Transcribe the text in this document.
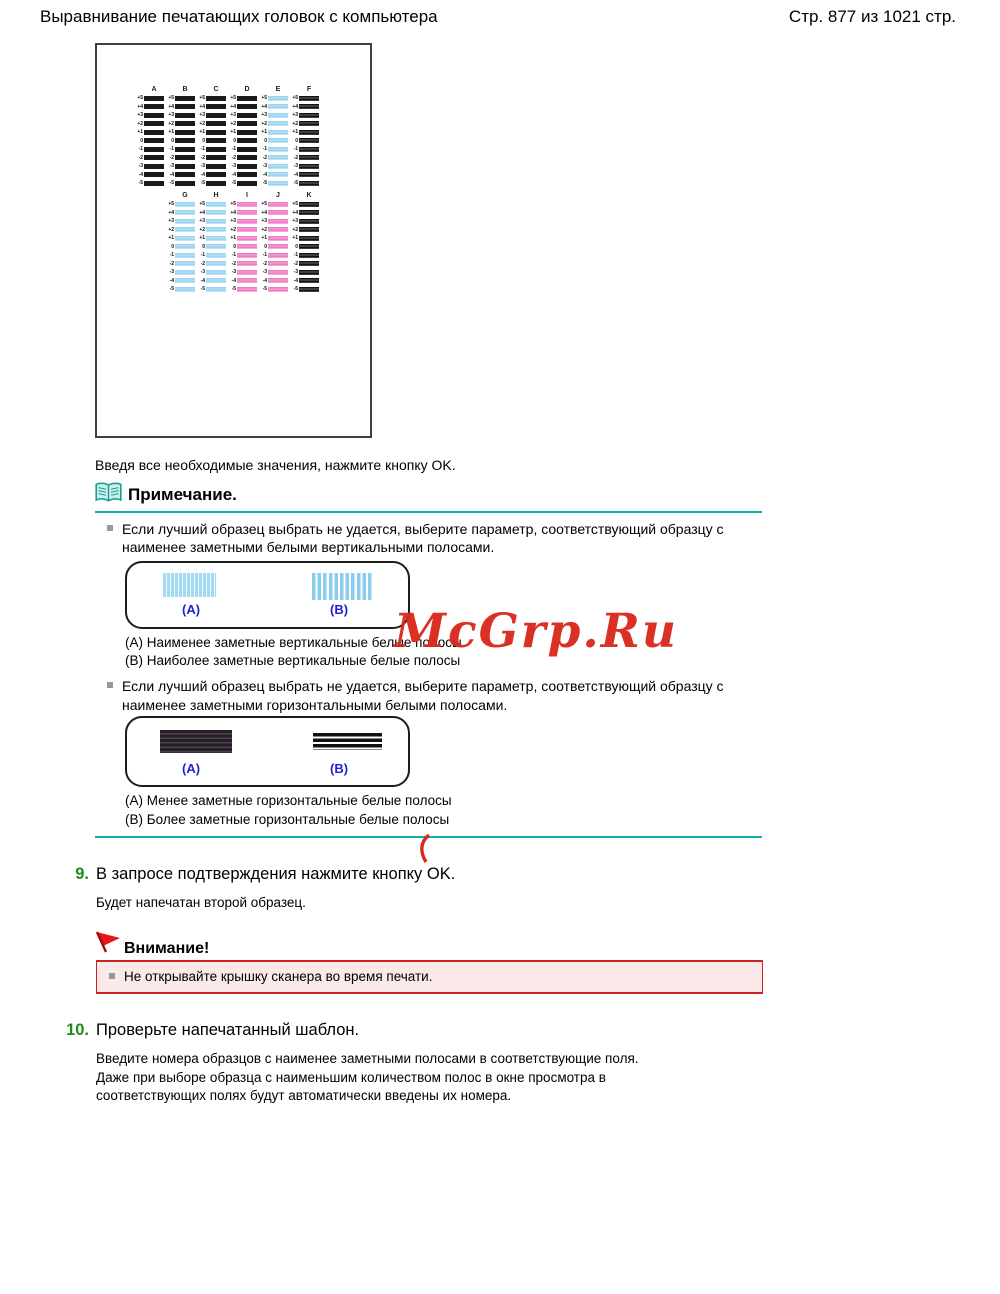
Выравнивание печатающих головок с компьютера	Стр. 877 из 1021 стр.
A	B	C	D	E	F
+5	+5	+5	+5	+5	+5
+4	+4	+4	+4	+4	+4
+3	+3	+3	+3	+3	+3
+2	+2	+2	+2	+2	+2
+1	+1	+1	+1	+1	+1
0	0	0	0	0	0
-1	-1	-1	-1	-1	-1
-2	-2	-2	-2	-2	-2
-3	-3	-3	-3	-3	-3
-4	-4	-4	-4	-4	-4
-5	-5	-5	-5	-5	-5
G	H	I	J	K
+5	+5	+5	+5	+5
+4	+4	+4	+4	+4
+3	+3	+3	+3	+3
+2	+2	+2	+2	+2
+1	+1	+1	+1	+1
0	0	0	0	0
-1	-1	-1	-1	-1
-2	-2	-2	-2	-2
-3	-3	-3	-3	-3
-4	-4	-4	-4	-4
-5	-5	-5	-5	-5
Введя все необходимые значения, нажмите кнопку OK.
Примечание.
Если лучший образец выбрать не удается, выберите параметр, соответствующий образцу с наименее заметными белыми вертикальными полосами.
(A)	(B)
(A) Наименее заметные вертикальные белые полосы
(B) Наиболее заметные вертикальные белые полосы
Если лучший образец выбрать не удается, выберите параметр, соответствующий образцу с наименее заметными горизонтальными белыми полосами.
(A)	(B)
(A) Менее заметные горизонтальные белые полосы
(B) Более заметные горизонтальные белые полосы
9. В запросе подтверждения нажмите кнопку OK.
Будет напечатан второй образец.
Внимание!
Не открывайте крышку сканера во время печати.
10. Проверьте напечатанный шаблон.

Введите номера образцов с наименее заметными полосами в соответствующие поля.

Даже при выборе образца с наименьшим количеством полос в окне просмотра в соответствующих полях будут автоматически введены их номера.

McGrp.Ru
